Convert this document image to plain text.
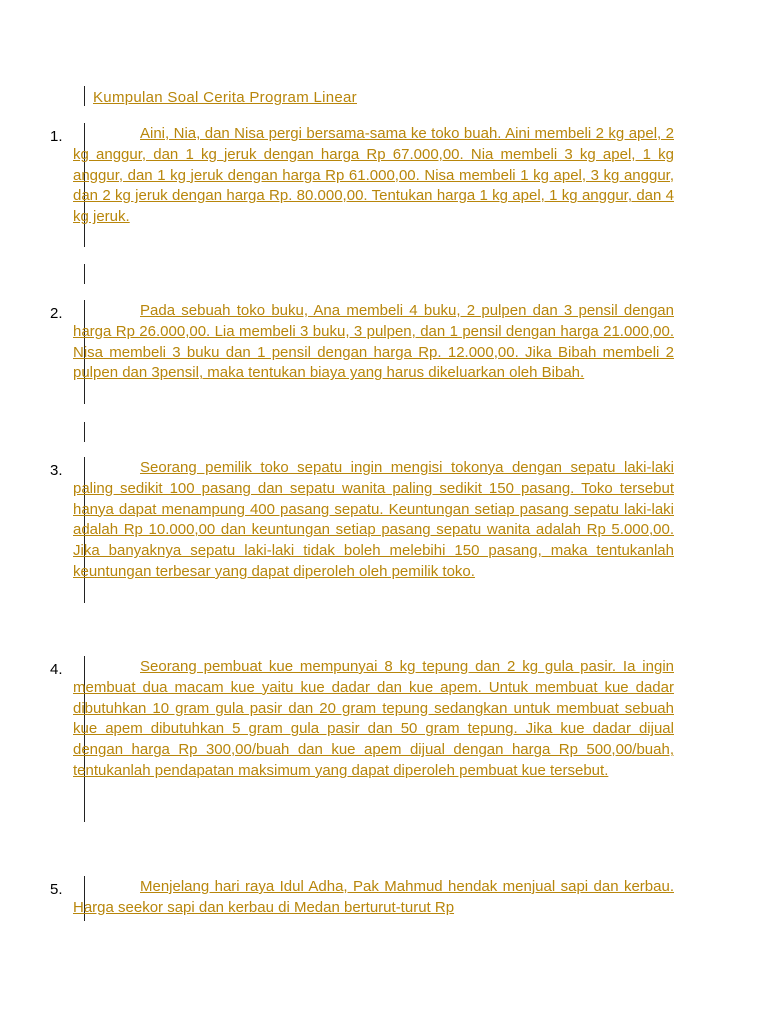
Kumpulan Soal Cerita Program Linear
1.	Aini, Nia, dan Nisa pergi bersama-sama ke toko buah. Aini membeli 2 kg apel, 2 kg anggur, dan 1 kg jeruk dengan harga Rp 67.000,00. Nia membeli 3 kg apel, 1 kg anggur, dan 1 kg jeruk dengan harga Rp 61.000,00. Nisa membeli 1 kg apel, 3 kg anggur, dan 2 kg jeruk dengan harga Rp. 80.000,00. Tentukan harga 1 kg apel, 1 kg anggur, dan 4 kg jeruk.

2.	Pada sebuah toko buku, Ana membeli 4 buku, 2 pulpen dan 3 pensil dengan harga Rp 26.000,00. Lia membeli 3 buku, 3 pulpen, dan 1 pensil dengan harga 21.000,00. Nisa membeli 3 buku dan 1 pensil dengan harga Rp. 12.000,00. Jika Bibah membeli 2 pulpen dan 3pensil, maka tentukan biaya yang harus dikeluarkan oleh Bibah.

3.	Seorang pemilik toko sepatu ingin mengisi tokonya dengan sepatu laki-laki paling sedikit 100 pasang dan sepatu wanita paling sedikit 150 pasang. Toko tersebut hanya dapat menampung 400 pasang sepatu. Keuntungan setiap pasang sepatu laki-laki adalah Rp 10.000,00 dan keuntungan setiap pasang sepatu wanita adalah Rp 5.000,00. Jika banyaknya sepatu laki-laki tidak boleh melebihi 150 pasang, maka tentukanlah keuntungan terbesar yang dapat diperoleh oleh pemilik toko.

4.	Seorang pembuat kue mempunyai 8 kg tepung dan 2 kg gula pasir. Ia ingin membuat dua macam kue yaitu kue dadar dan kue apem. Untuk membuat kue dadar dibutuhkan 10 gram gula pasir dan 20 gram tepung sedangkan untuk membuat sebuah kue apem dibutuhkan 5 gram gula pasir dan 50 gram tepung. Jika kue dadar dijual dengan harga Rp 300,00/buah dan kue apem dijual dengan harga Rp 500,00/buah, tentukanlah pendapatan maksimum yang dapat diperoleh pembuat kue tersebut.

5.	Menjelang hari raya Idul Adha, Pak Mahmud hendak menjual sapi dan kerbau. Harga seekor sapi dan kerbau di Medan berturut-turut Rp
